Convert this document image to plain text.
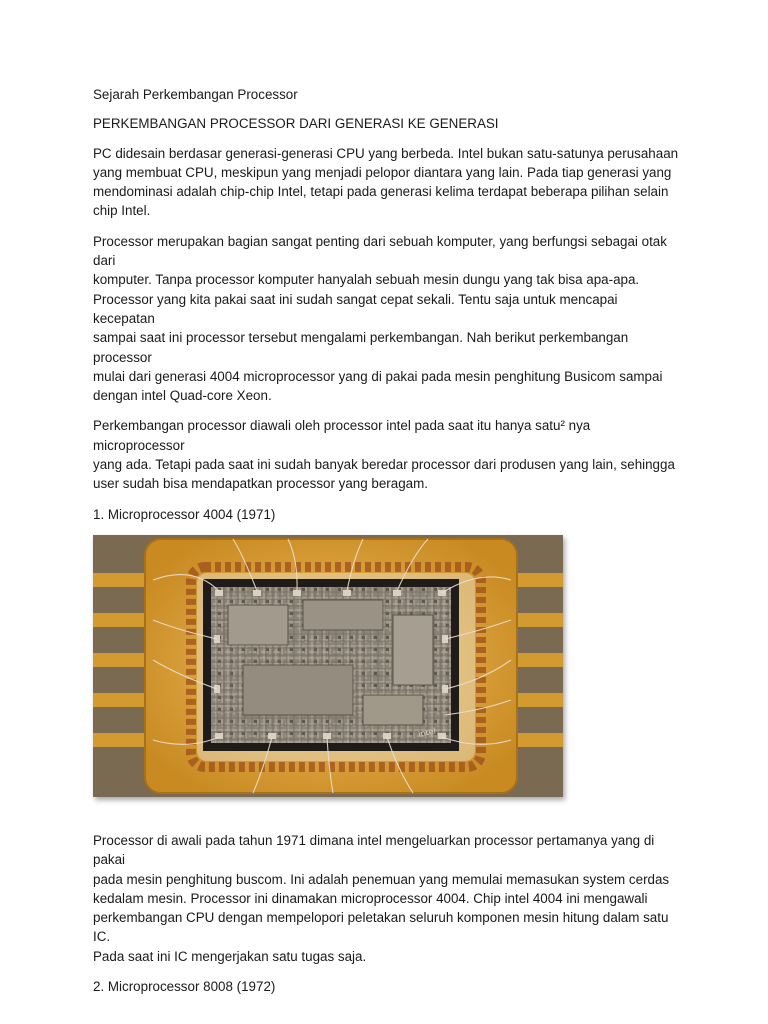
Sejarah Perkembangan Processor

PERKEMBANGAN PROCESSOR DARI GENERASI KE GENERASI

PC didesain berdasar generasi-generasi CPU yang berbeda. Intel bukan satu-satunya perusahaan
yang membuat CPU, meskipun yang menjadi pelopor diantara yang lain. Pada tiap generasi yang
mendominasi adalah chip-chip Intel, tetapi pada generasi kelima terdapat beberapa pilihan selain
chip Intel.

Processor merupakan bagian sangat penting dari sebuah komputer, yang berfungsi sebagai otak dari
komputer. Tanpa processor komputer hanyalah sebuah mesin dungu yang tak bisa apa-apa.
Processor yang kita pakai saat ini sudah sangat cepat sekali. Tentu saja untuk mencapai kecepatan
sampai saat ini processor tersebut mengalami perkembangan. Nah berikut perkembangan processor
mulai dari generasi 4004 microprocessor yang di pakai pada mesin penghitung Busicom sampai
dengan intel Quad-core Xeon.

Perkembangan processor diawali oleh processor intel pada saat itu hanya satu² nya microprocessor
yang ada. Tetapi pada saat ini sudah banyak beredar processor dari produsen yang lain, sehingga
user sudah bisa mendapatkan processor yang beragam.

1. Microprocessor 4004 (1971)

intel

Processor di awali pada tahun 1971 dimana intel mengeluarkan processor pertamanya yang di pakai
pada mesin penghitung buscom. Ini adalah penemuan yang memulai memasukan system cerdas
kedalam mesin. Processor ini dinamakan microprocessor 4004. Chip intel 4004 ini mengawali
perkembangan CPU dengan mempelopori peletakan seluruh komponen mesin hitung dalam satu IC.
Pada saat ini IC mengerjakan satu tugas saja.

2. Microprocessor 8008 (1972)
